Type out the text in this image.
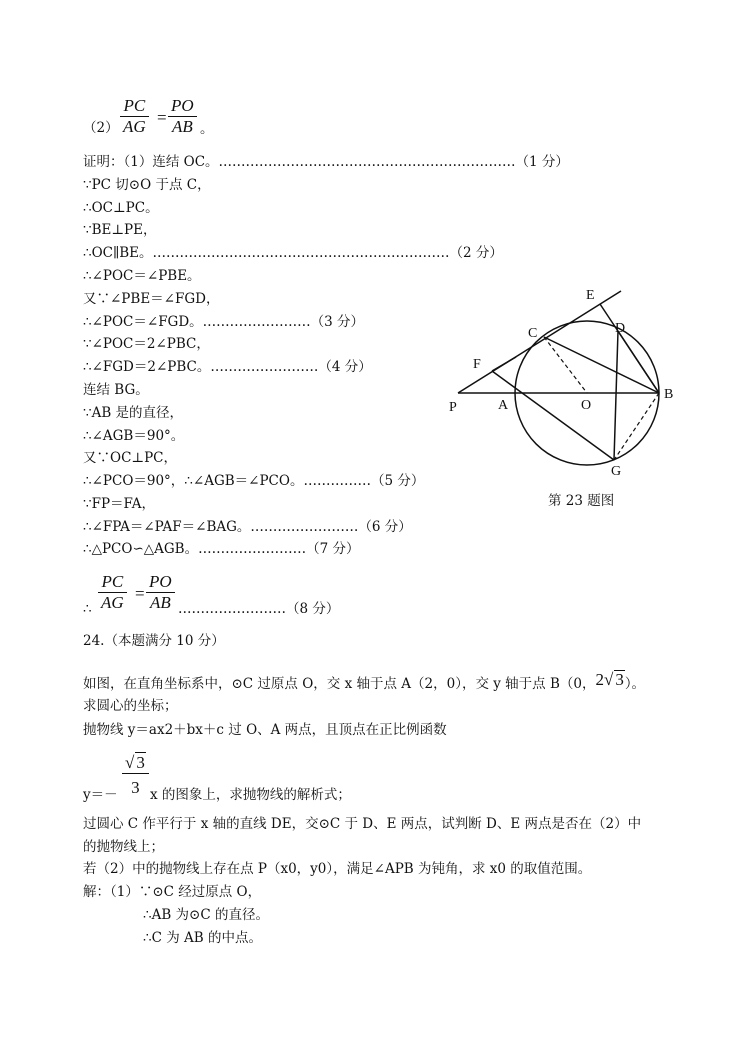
$(2) \frac{PC}{AG} = \frac{PO}{AB}$ 。
证明：（1）连结 OC。…………………………………………………………（1 分）
∵PC 切⊙O 于点 C，
∴OC⊥PC。
∵BE⊥PE，
∴OC∥BE。…………………………………………………………（2 分）
∴∠POC＝∠PBE。
又∵∠PBE＝∠FGD，
∴∠POC＝∠FGD。……………………（3 分）
∵∠POC＝2∠PBC，
∴∠FGD＝2∠PBC。……………………（4 分）
连结 BG。
∵AB 是的直径，
∴∠AGB＝90°。
又∵OC⊥PC，
∴∠PCO＝90°，∴∠AGB＝∠PCO。……………（5 分）
∵FP＝FA，
∴∠FPA＝∠PAF＝∠BAG。……………………（6 分）
∴△PCO∽△AGB。……………………（7 分）
∴ $\frac{PC}{AG} = \frac{PO}{AB}$ ……………………（8 分）
E
D
C
F
P	A	O
B
G
第 23 题图
24.（本题满分 10 分）
如图，在直角坐标系中，⊙C 过原点 O，交 x 轴于点 A（2，0），交 y 轴于点 B（0，2√ 3）。
求圆心的坐标；
抛物线 y＝ax2＋bx＋c 过 O、A 两点，且顶点在正比例函数
$y=- \frac{√ 3}{3}$ x 的图象上，求抛物线的解析式；
过圆心 C 作平行于 x 轴的直线 DE，交⊙C 于 D、E 两点，试判断 D、E 两点是否在（2）中
的抛物线上；
若（2）中的抛物线上存在点 P（x0，y0），满足∠APB 为钝角，求 x0 的取值范围。
解：（1）∵⊙C 经过原点 O，
∴AB 为⊙C 的直径。
∴C 为 AB 的中点。
